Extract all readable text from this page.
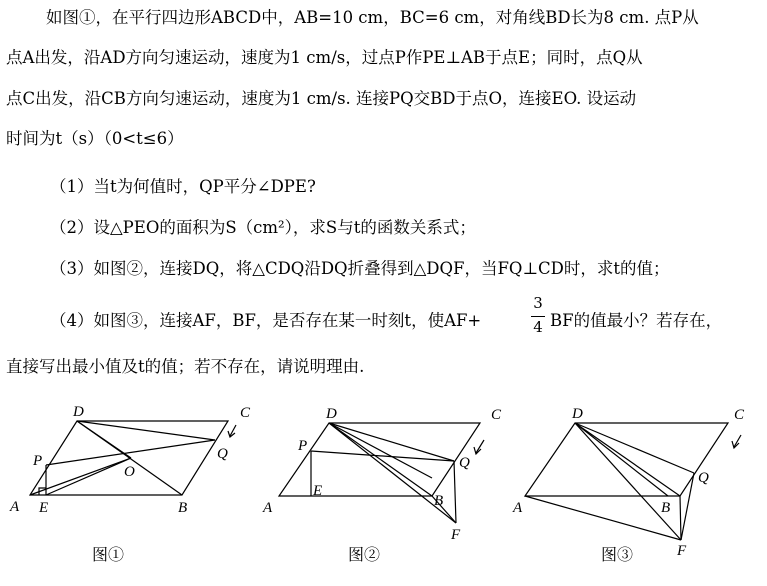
如图①，在平行四边形ABCD中，AB=10 cm，BC=6 cm，对角线BD长为8 cm. 点P从
点A出发，沿AD方向匀速运动，速度为1 cm/s，过点P作PE⊥AB于点E；同时，点Q从
点C出发，沿CB方向匀速运动，速度为1 cm/s. 连接PQ交BD于点O，连接EO. 设运动
时间为t（s）（0<t≤6）
（1）当t为何值时，QP平分∠DPE?
（2）设△PEO的面积为S（cm²），求S与t的函数关系式；
（3）如图②，连接DQ，将△CDQ沿DQ折叠得到△DQF，当FQ⊥CD时，求t的值；
（4）如图③，连接AF，BF，是否存在某一时刻t，使AF+
3
4 BF的值最小？若存在，
直接写出最小值及t的值；若不存在，请说明理由.
D	C
P	Q
O
A E	B
图①
D	C
P
Q
A
E
B
F
图②
D	C
Q
A	B
F
图③
